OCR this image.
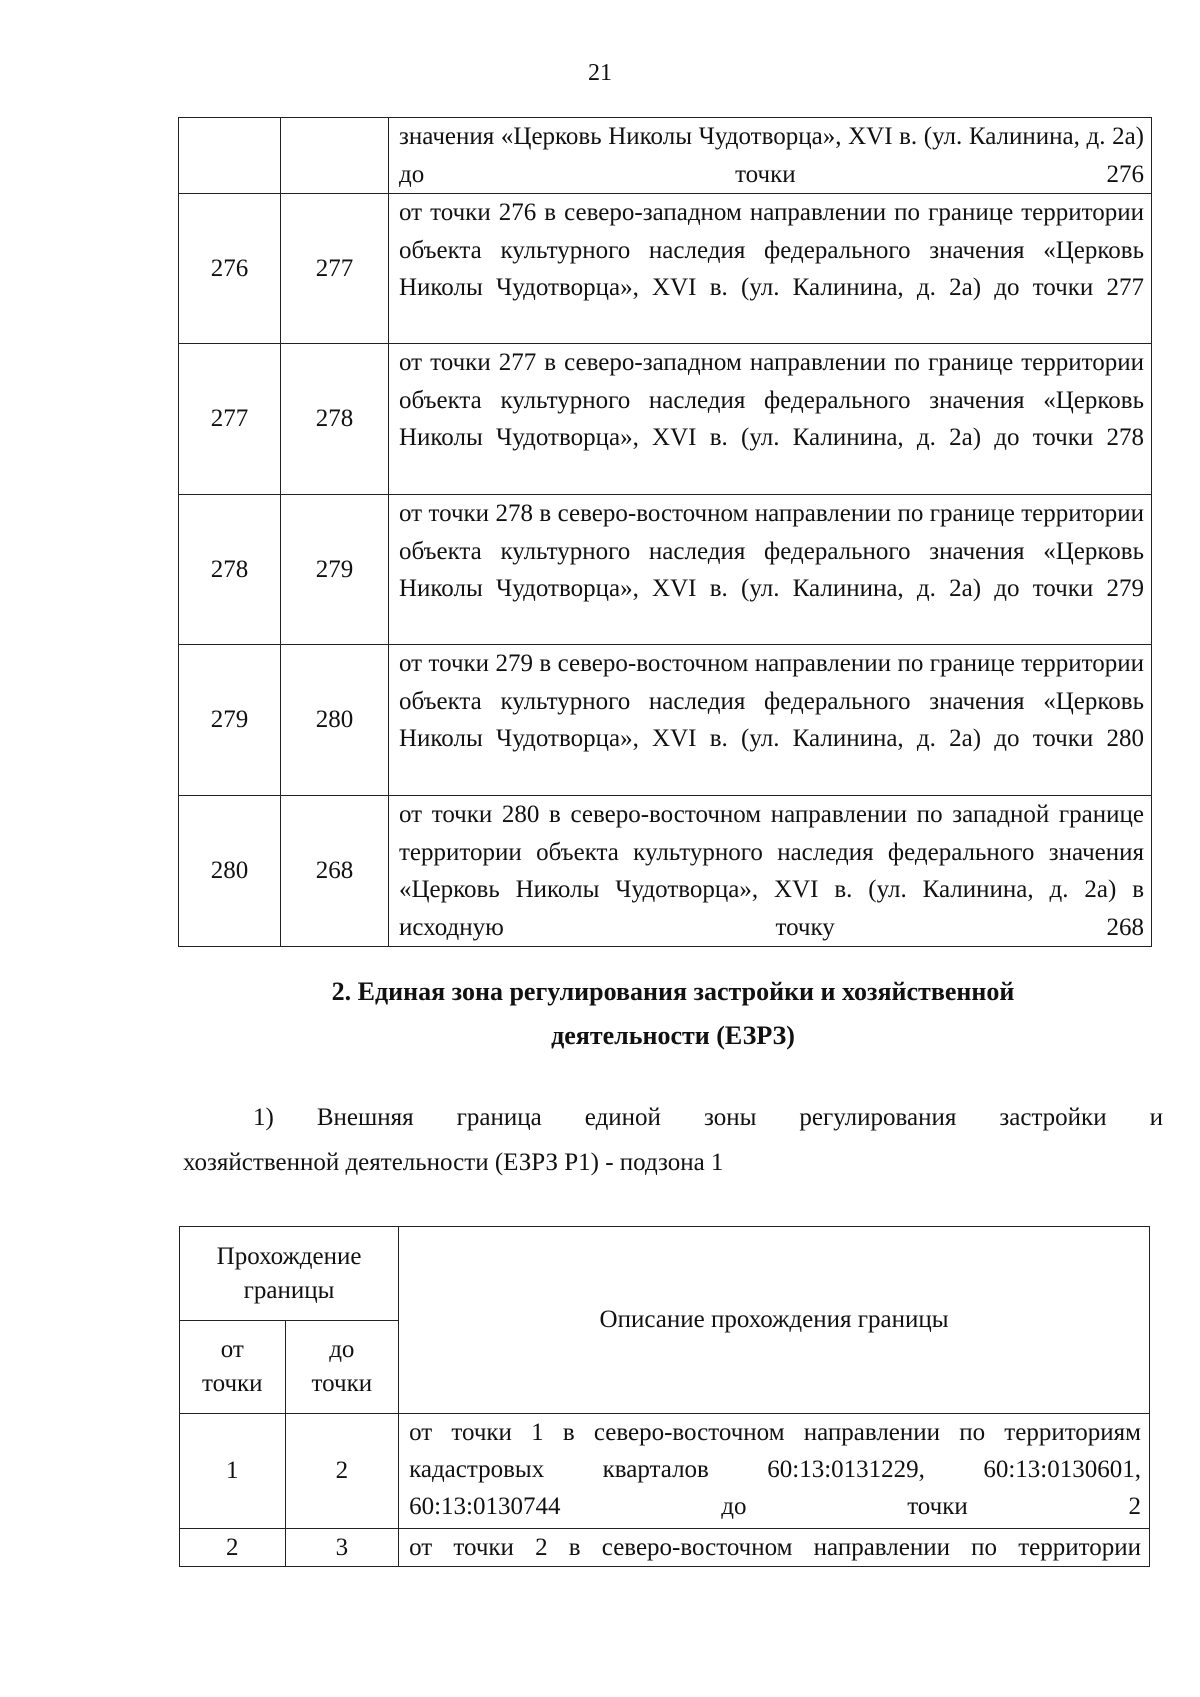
21
		значения «Церковь Николы Чудотворца», XVI в. (ул. Калинина, д. 2а) до точки 276
276	277	от точки 276 в северо-западном направлении по границе территории объекта культурного наследия федерального значения «Церковь Николы Чудотворца», XVI в. (ул. Калинина, д. 2а) до точки 277
277	278	от точки 277 в северо-западном направлении по границе территории объекта культурного наследия федерального значения «Церковь Николы Чудотворца», XVI в. (ул. Калинина, д. 2а) до точки 278
278	279	от точки 278 в северо-восточном направлении по границе территории объекта культурного наследия федерального значения «Церковь Николы Чудотворца», XVI в. (ул. Калинина, д. 2а) до точки 279
279	280	от точки 279 в северо-восточном направлении по границе территории объекта культурного наследия федерального значения «Церковь Николы Чудотворца», XVI в. (ул. Калинина, д. 2а) до точки 280
280	268	от точки 280 в северо-восточном направлении по западной границе территории объекта культурного наследия федерального значения «Церковь Николы Чудотворца», XVI в. (ул. Калинина, д. 2а) в исходную точку 268
2. Единая зона регулирования застройки и хозяйственной
деятельности (ЕЗРЗ)
1) Внешняя граница единой зоны регулирования застройки и
хозяйственной деятельности (ЕЗРЗ Р1) - подзона 1
Прохождение границы		Описание прохождения границы
от точки	до точки	
1	2	от точки 1 в северо-восточном направлении по территориям кадастровых кварталов 60:13:0131229, 60:13:0130601, 60:13:0130744 до точки 2
2	3	от точки 2 в северо-восточном направлении по территории
